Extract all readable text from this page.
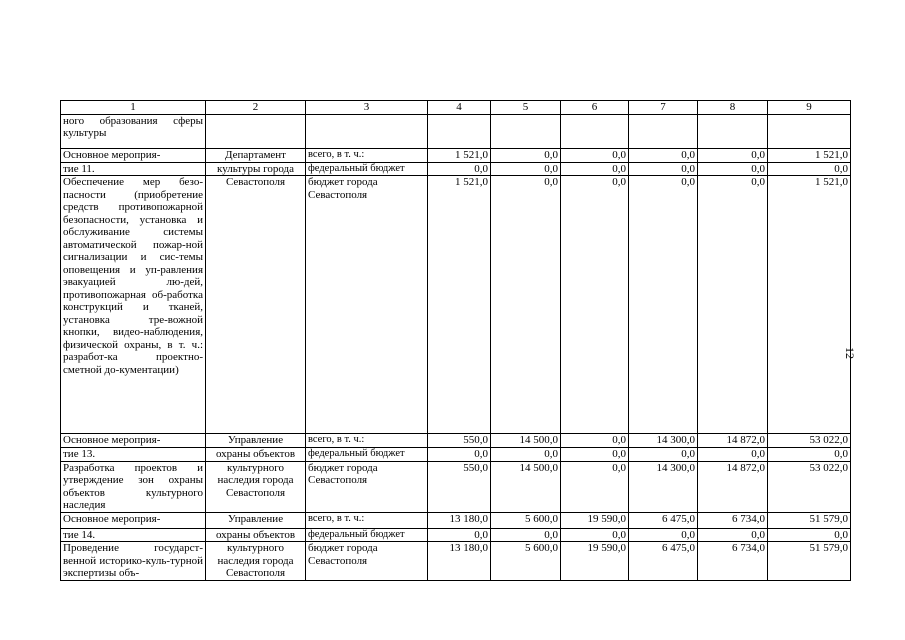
1	2	3	4	5	6	7	8	9
ного образования сферы культуры								
Основное мероприя-	Департамент	всего, в т. ч.:	1 521,0	0,0	0,0	0,0	0,0	1 521,0
тие 11.	культуры города	федеральный бюджет	0,0	0,0	0,0	0,0	0,0	0,0
Обеспечение мер безо-пасности (приобретение средств противопожарной безопасности, установка и обслуживание системы автоматической пожар-ной сигнализации и сис-темы оповещения и уп-равления эвакуацией лю-дей, противопожарная об-работка конструкций и тканей, установка тре-вожной кнопки, видео-наблюдения, физической охраны, в т. ч.: разработ-ка проектно-сметной до-кументации)	Севастополя	бюджет города Севастополя	1 521,0	0,0	0,0	0,0	0,0	1 521,0
Основное мероприя-	Управление	всего, в т. ч.:	550,0	14 500,0	0,0	14 300,0	14 872,0	53 022,0
тие 13.	охраны объектов	федеральный бюджет	0,0	0,0	0,0	0,0	0,0	0,0
Разработка проектов и утверждение зон охраны объектов культурного наследия	культурного наследия города Севастополя	бюджет города Севастополя	550,0	14 500,0	0,0	14 300,0	14 872,0	53 022,0
Основное мероприя-	Управление	всего, в т. ч.:	13 180,0	5 600,0	19 590,0	6 475,0	6 734,0	51 579,0
тие 14.	охраны объектов	федеральный бюджет	0,0	0,0	0,0	0,0	0,0	0,0
Проведение государст-венной историко-куль-турной экспертизы объ-	культурного наследия города Севастополя	бюджет города Севастополя	13 180,0	5 600,0	19 590,0	6 475,0	6 734,0	51 579,0
12
